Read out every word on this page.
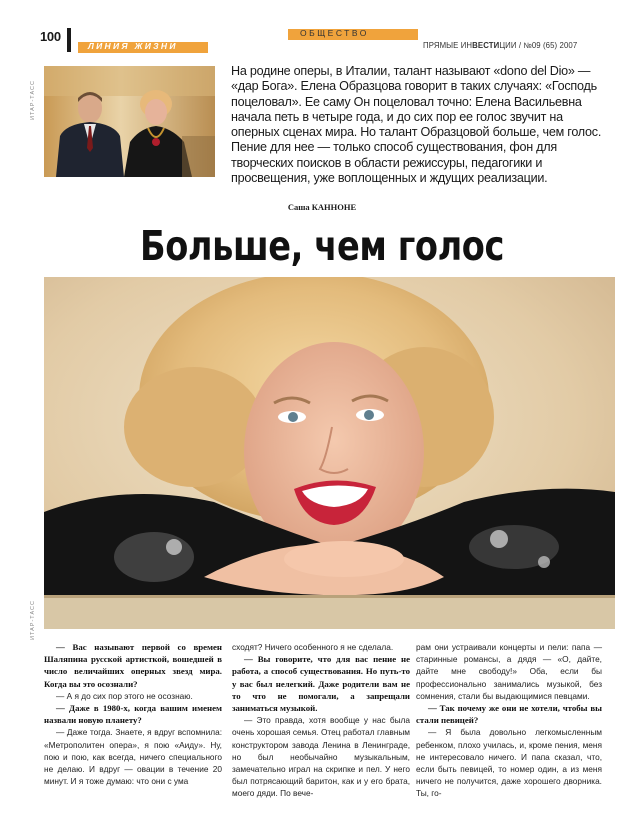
100	ОБЩЕСТВО
ЛИНИЯ ЖИЗНИ	ПРЯМЫЕ ИНВЕСТИЦИИ / №09 (65) 2007
ИТАР-ТАСС
На родине оперы, в Италии, талант называют «dono del Dio» — «дар Бога». Елена Образцова говорит в таких случаях: «Господь поцеловал». Ее саму Он поцеловал точно: Елена Васильевна начала петь в четыре года, и до сих пор ее голос звучит на оперных сценах мира. Но талант Образцовой больше, чем голос. Пение для нее — только способ существования, фон для творческих поисков в области режиссуры, педагогики и просвещения, уже воплощенных и ждущих реализации.
Саша КАННОНЕ
Больше, чем голос
ИТАР-ТАСС

— Вас называют первой со времен Шаляпина русской артисткой, вошедшей в число величайших оперных звезд мира. Когда вы это осознали?

— А я до сих пор этого не осознаю.

— Даже в 1980-х, когда вашим именем назвали новую планету?

— Даже тогда. Знаете, я вдруг вспомнила: «Метрополитен опера», я пою «Аиду». Ну, пою и пою, как всегда, ничего специального не делаю. И вдруг — овации в течение 20 минут. И я тоже думаю: что они с ума

сходят? Ничего особенного я не сделала.

— Вы говорите, что для вас пение не работа, а способ существования. Но путь-то у вас был нелегкий. Даже родители вам не то что не помогали, а запрещали заниматься музыкой.

— Это правда, хотя вообще у нас была очень хорошая семья. Отец работал главным конструктором завода Ленина в Ленинграде, но был необычайно музыкальным, замечательно играл на скрипке и пел. У него был потрясающий баритон, как и у его брата, моего дяди. По вече-

рам они устраивали концерты и пели: папа — старинные романсы, а дядя — «О, дайте, дайте мне свободу!» Оба, если бы профессионально занимались музыкой, без сомнения, стали бы выдающимися певцами.

— Так почему же они не хотели, чтобы вы стали певицей?

— Я была довольно легкомысленным ребенком, плохо училась, и, кроме пения, меня не интересовало ничего. И папа сказал, что, если быть певицей, то номер один, а из меня ничего не получится, даже хорошего дворника. Ты, го-
